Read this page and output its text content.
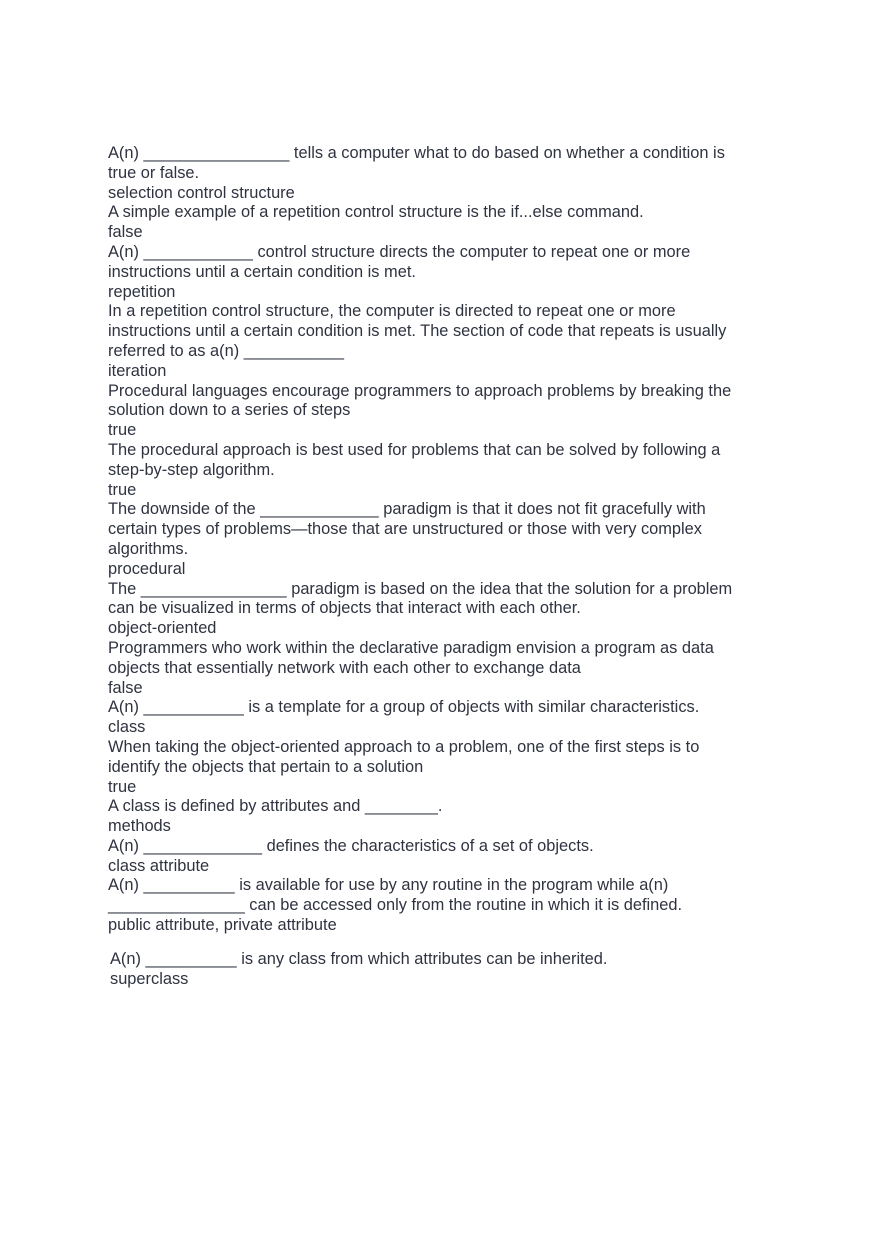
A(n) ________________ tells a computer what to do based on whether a condition is
true or false.
selection control structure
A simple example of a repetition control structure is the if...else command.
false
A(n) ____________ control structure directs the computer to repeat one or more
instructions until a certain condition is met.
repetition
In a repetition control structure, the computer is directed to repeat one or more
instructions until a certain condition is met. The section of code that repeats is usually
referred to as a(n) ___________
iteration
Procedural languages encourage programmers to approach problems by breaking the
solution down to a series of steps
true
The procedural approach is best used for problems that can be solved by following a
step-by-step algorithm.
true
The downside of the _____________ paradigm is that it does not fit gracefully with
certain types of problems—those that are unstructured or those with very complex
algorithms.
procedural
The ________________ paradigm is based on the idea that the solution for a problem
can be visualized in terms of objects that interact with each other.
object-oriented
Programmers who work within the declarative paradigm envision a program as data
objects that essentially network with each other to exchange data
false
A(n) ___________ is a template for a group of objects with similar characteristics.
class
When taking the object-oriented approach to a problem, one of the first steps is to
identify the objects that pertain to a solution
true
A class is defined by attributes and ________.
methods
A(n) _____________ defines the characteristics of a set of objects.
class attribute
A(n) __________ is available for use by any routine in the program while a(n)
_______________ can be accessed only from the routine in which it is defined.
public attribute, private attribute
A(n) __________ is any class from which attributes can be inherited.
superclass
